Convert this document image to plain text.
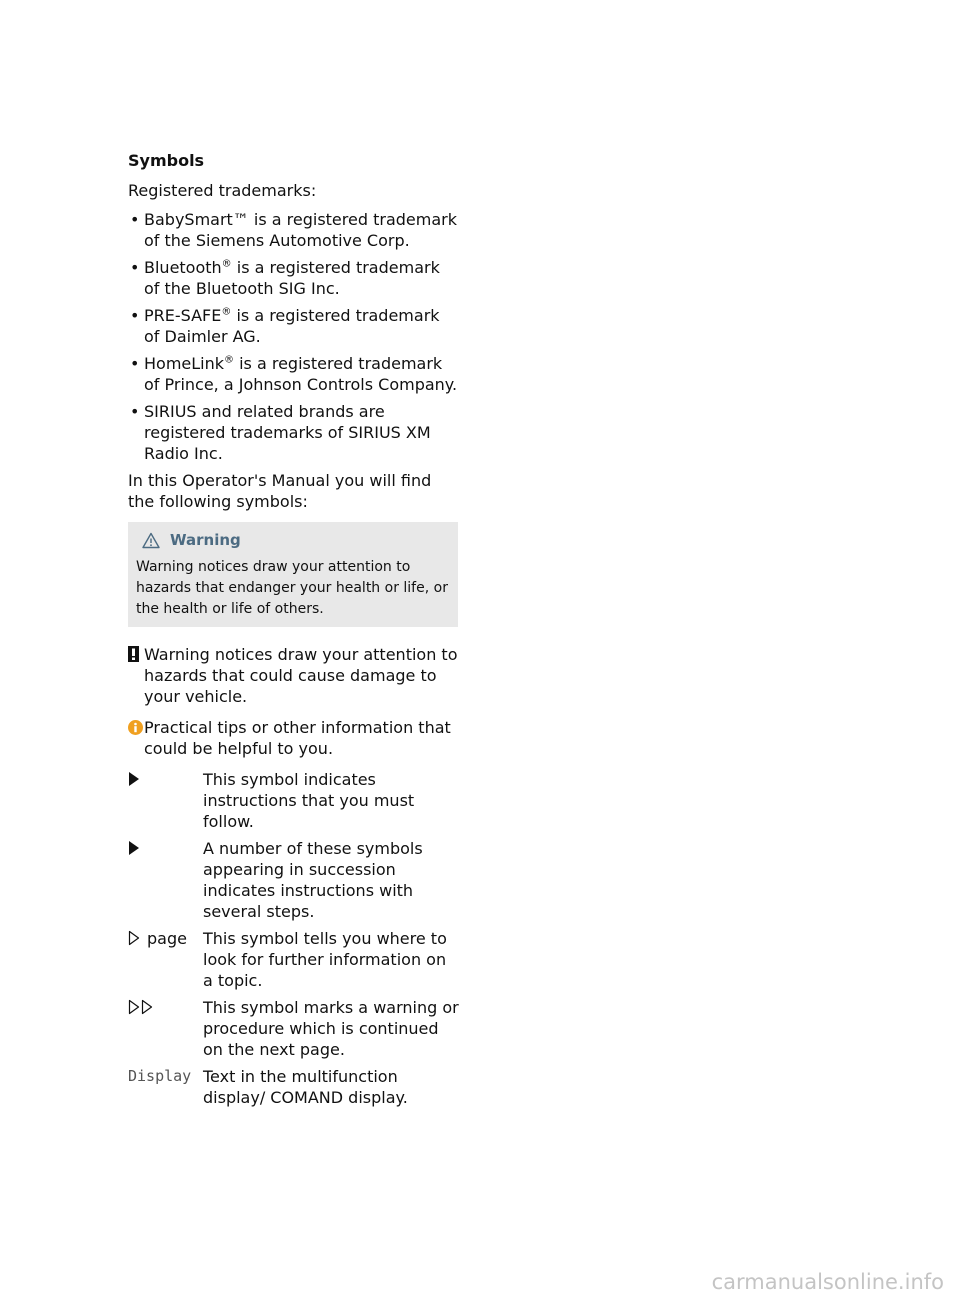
Symbols
Registered trademarks:
• BabySmart™ is a registered trademark of the Siemens Automotive Corp.
• Bluetooth® is a registered trademark of the Bluetooth SIG Inc.
• PRE-SAFE® is a registered trademark of Daimler AG.
• HomeLink® is a registered trademark of Prince, a Johnson Controls Company.
• SIRIUS and related brands are registered trademarks of SIRIUS XM Radio Inc.
In this Operator's Manual you will find the following symbols:
Warning
Warning notices draw your attention to hazards that endanger your health or life, or the health or life of others.
Warning notices draw your attention to hazards that could cause damage to your vehicle.
Practical tips or other information that could be helpful to you.
This symbol indicates instructions that you must follow.
A number of these symbols appearing in succession indicates instructions with several steps.
page This symbol tells you where to look for further information on a topic.
This symbol marks a warning or procedure which is continued on the next page.
Display Text in the multifunction display/ COMAND display.
carmanualsonline.info
